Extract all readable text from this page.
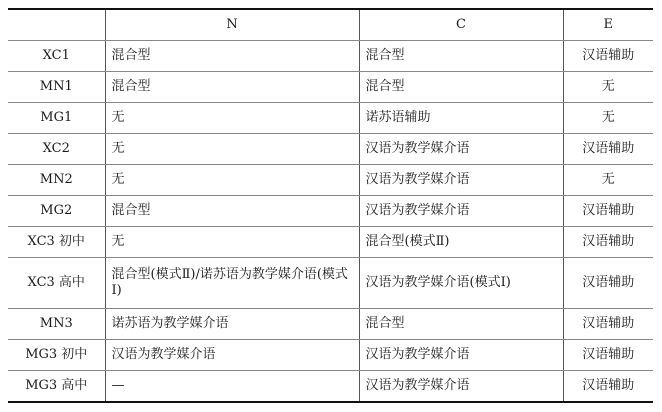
	N	C	E
XC1	混合型	混合型	汉语辅助
MN1	混合型	混合型	无
MG1	无	诺苏语辅助	无
XC2	无	汉语为教学媒介语	汉语辅助
MN2	无	汉语为教学媒介语	无
MG2	混合型	汉语为教学媒介语	汉语辅助
XC3 初中	无	混合型(模式Ⅱ)	汉语辅助
XC3 高中	混合型(模式Ⅱ)/诺苏语为教学媒介语(模式Ⅰ)	汉语为教学媒介语(模式Ⅰ)	汉语辅助
MN3	诺苏语为教学媒介语	混合型	汉语辅助
MG3 初中	汉语为教学媒介语	汉语为教学媒介语	汉语辅助
MG3 高中	—	汉语为教学媒介语	汉语辅助
